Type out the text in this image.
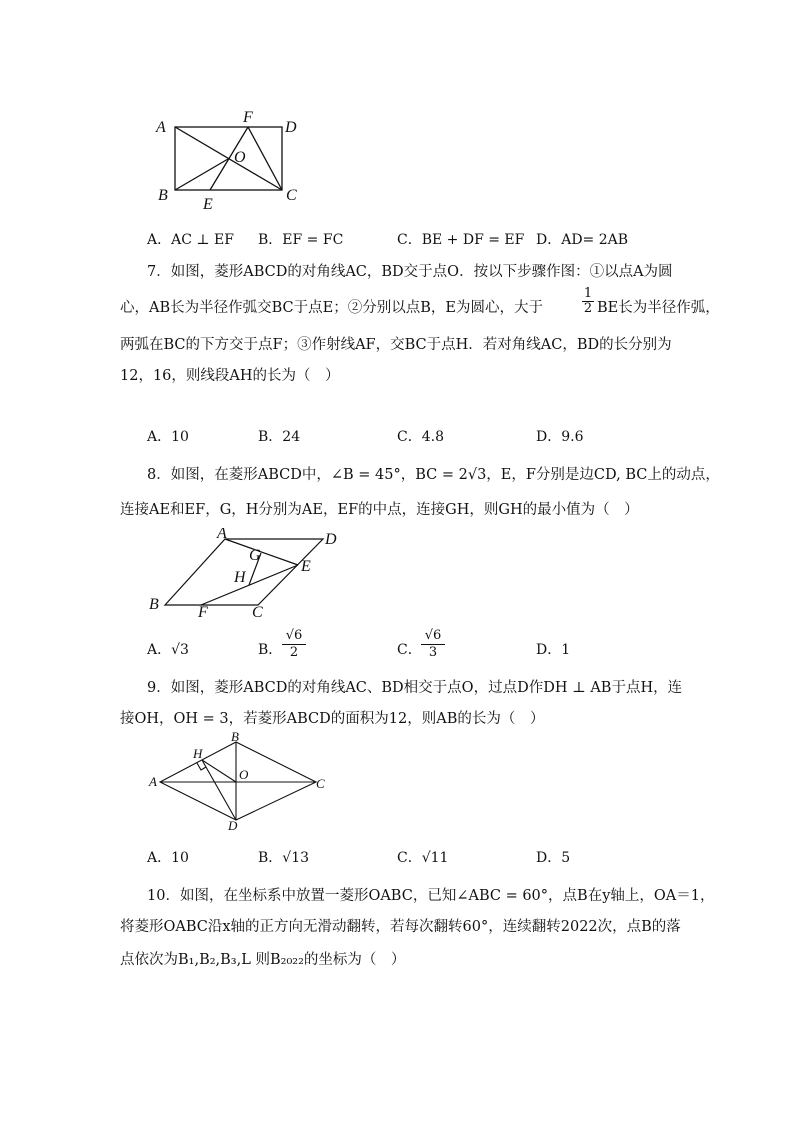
A
F
D
O
B
E
C
A．AC ⊥ EF B．EF = FC	C．BE + DF = EF D．AD= 2AB
7．如图，菱形ABCD的对角线AC，BD交于点O．按以下步骤作图：①以点A为圆
心，AB长为半径作弧交BC于点E；②分别以点B，E为圆心，大于	$\frac{1}{2}$ BE长为半径作弧，
两弧在BC的下方交于点F；③作射线AF，交BC于点H．若对角线AC，BD的长分别为
12，16，则线段AH的长为（　）
A．10	B．24	C．4.8	D．9.6
8．如图，在菱形ABCD中，∠B = 45°，BC = 2√3，E，F分别是边CD, BC上的动点，
连接AE和EF，G，H分别为AE，EF的中点，连接GH，则GH的最小值为（　）
A	D
G
H
E
B F	C
A．√3	B． $\frac{√6}{2}$	C． $\frac{√6}{3}$	D．1
9．如图，菱形ABCD的对角线AC、BD相交于点O，过点D作DH ⊥ AB于点H，连
接OH，OH = 3，若菱形ABCD的面积为12，则AB的长为（　）
H
B
A	O
C
D
A．10	B．√13	C．√11	D．5
10．如图，在坐标系中放置一菱形OABC，已知∠ABC = 60°，点B在y轴上，OA＝1，
将菱形OABC沿x轴的正方向无滑动翻转，若每次翻转60°，连续翻转2022次，点B的落
点依次为B₁,B₂,B₃,L 则B₂₀₂₂的坐标为（　）
